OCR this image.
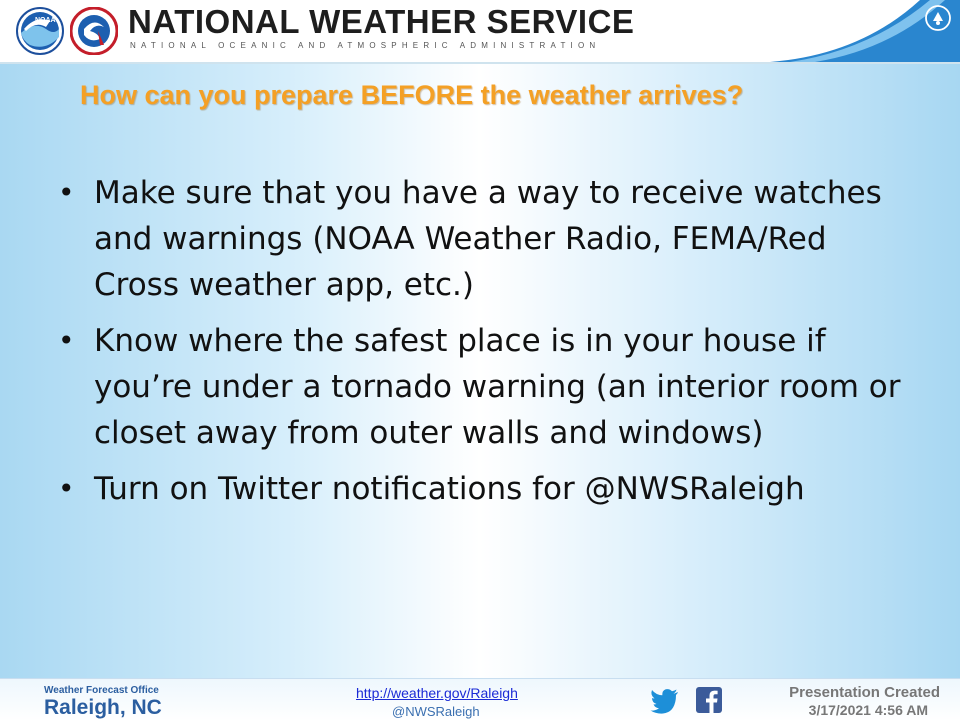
NOAA NATIONAL WEATHER SERVICE
NATIONAL OCEANIC AND ATMOSPHERIC ADMINISTRATION
How can you prepare BEFORE the weather arrives?
• Make sure that you have a way to receive watches and warnings (NOAA Weather Radio, FEMA/Red Cross weather app, etc.)
• Know where the safest place is in your house if you’re under a tornado warning (an interior room or closet away from outer walls and windows)
• Turn on Twitter notifications for @NWSRaleigh
Weather Forecast Office
Raleigh, NC
http://weather.gov/Raleigh
@NWSRaleigh
Presentation Created
3/17/2021 4:56 AM
